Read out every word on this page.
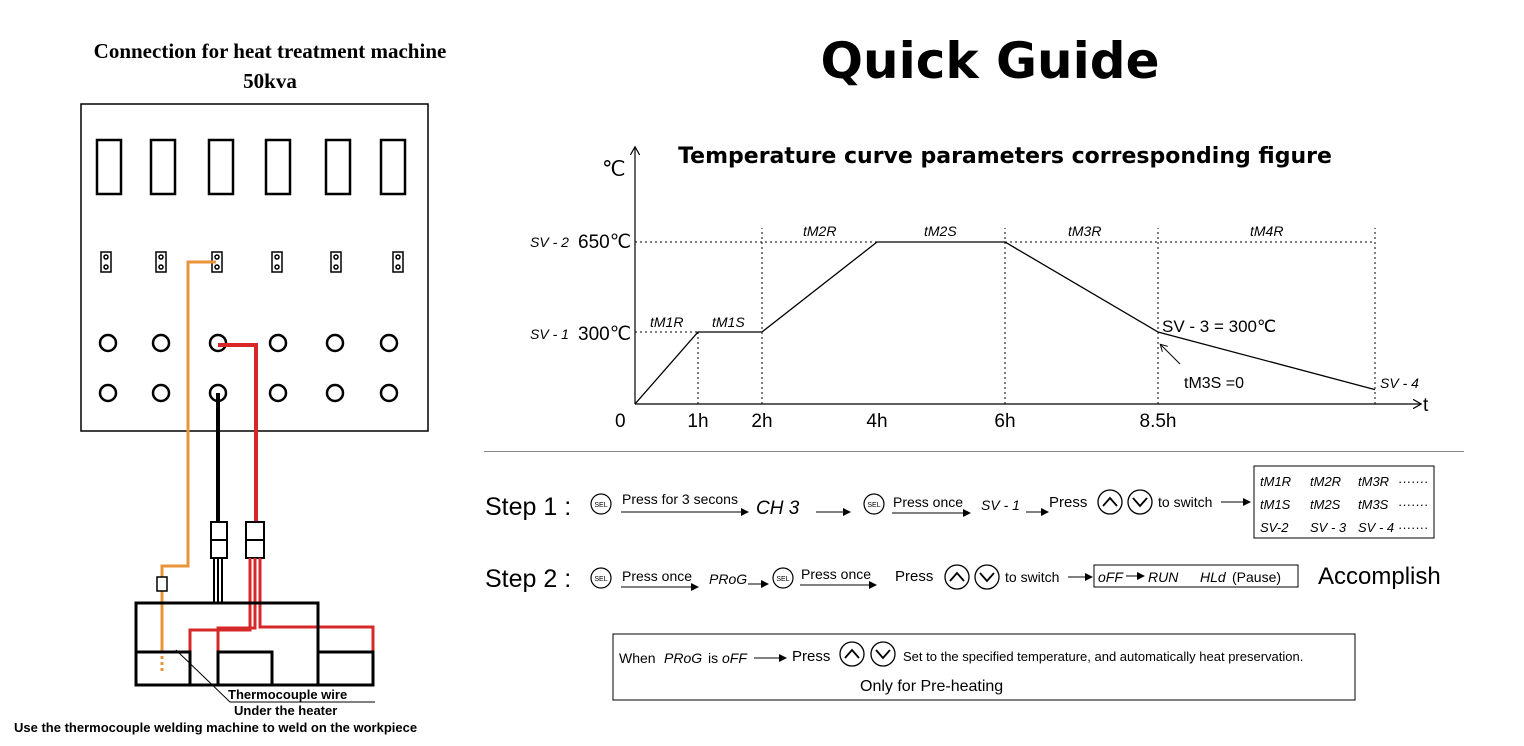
Connection for heat treatment machine
50kva
Thermocouple wire
Under the heater
Use the thermocouple welding machine to weld on the workpiece
Quick Guide
Temperature curve parameters corresponding figure
℃
t
0	1h 2h	4h	6h	8.5h
650℃
300℃
SV - 2
SV - 1
tM1R tM1S
tM2R	tM2S	tM3R	tM4R
SV - 3 = 300℃
SV - 4
tM3S =0
Step 1 :	SEL Press for 3 secons CH 3	SEL Press once SV - 1 Press	to switch
tM1R tM2R tM3R ·······
tM1S tM2S tM3S ·······
SV-2 SV - 3 SV - 4 ·······
Step 2 :	SEL Press once PRoG	SEL Press once Press	to switch	oFF RUN HLd (Pause) Accomplish
When PRoG is oFF	Press	Set to the specified temperature, and automatically heat preservation.
Only for Pre-heating
